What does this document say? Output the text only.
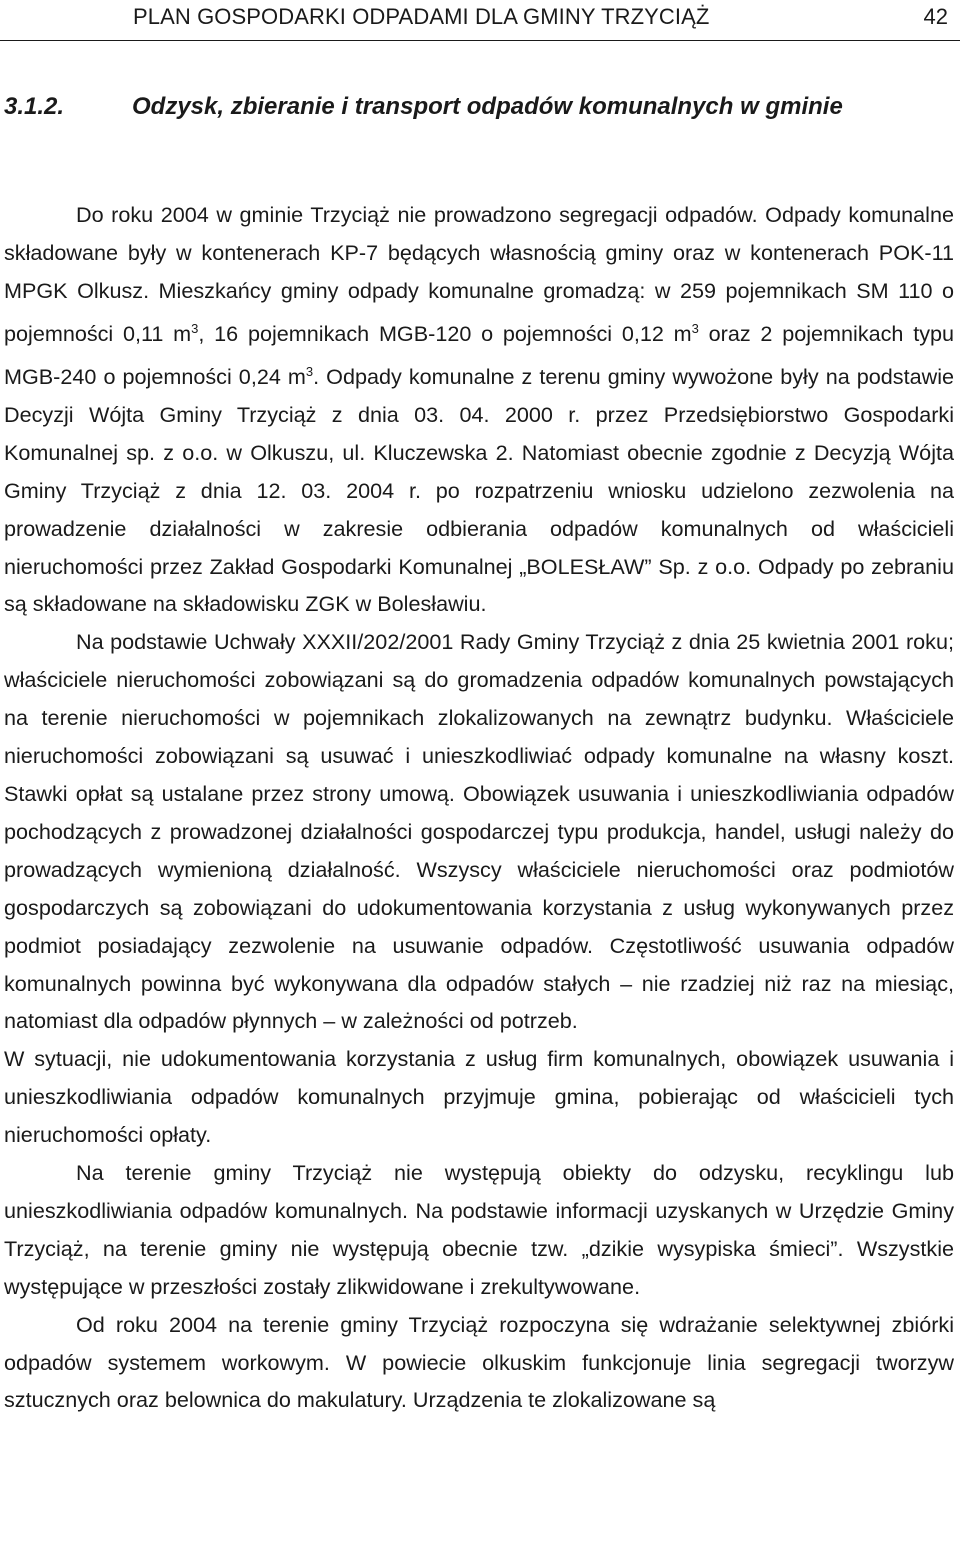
PLAN GOSPODARKI ODPADAMI DLA GMINY TRZYCIĄŻ	42
3.1.2.	Odzysk, zbieranie i transport odpadów komunalnych w gminie

Do roku 2004 w gminie Trzyciąż nie prowadzono segregacji odpadów. Odpady komunalne składowane były w kontenerach KP-7 będących własnością gminy oraz w kontenerach POK-11 MPGK Olkusz. Mieszkańcy gminy odpady komunalne gromadzą: w 259 pojemnikach SM 110 o pojemności 0,11 $m^3$, 16 pojemnikach MGB-120 o pojemności 0,12 $m^3$ oraz 2 pojemnikach typu MGB-240 o pojemności 0,24 $m^3$. Odpady komunalne z terenu gminy wywożone były na podstawie Decyzji Wójta Gminy Trzyciąż z dnia 03. 04. 2000 r. przez Przedsiębiorstwo Gospodarki Komunalnej sp. z o.o. w Olkuszu, ul. Kluczewska 2. Natomiast obecnie zgodnie z Decyzją Wójta Gminy Trzyciąż z dnia 12. 03. 2004 r. po rozpatrzeniu wniosku udzielono zezwolenia na prowadzenie działalności w zakresie odbierania odpadów komunalnych od właścicieli nieruchomości przez Zakład Gospodarki Komunalnej „BOLESŁAW” Sp. z o.o. Odpady po zebraniu są składowane na składowisku ZGK w Bolesławiu.

Na podstawie Uchwały XXXII/202/2001 Rady Gminy Trzyciąż z dnia 25 kwietnia 2001 roku; właściciele nieruchomości zobowiązani są do gromadzenia odpadów komunalnych powstających na terenie nieruchomości w pojemnikach zlokalizowanych na zewnątrz budynku. Właściciele nieruchomości zobowiązani są usuwać i unieszkodliwiać odpady komunalne na własny koszt. Stawki opłat są ustalane przez strony umową. Obowiązek usuwania i unieszkodliwiania odpadów pochodzących z prowadzonej działalności gospodarczej typu produkcja, handel, usługi należy do prowadzących wymienioną działalność. Wszyscy właściciele nieruchomości oraz podmiotów gospodarczych są zobowiązani do udokumentowania korzystania z usług wykonywanych przez podmiot posiadający zezwolenie na usuwanie odpadów. Częstotliwość usuwania odpadów komunalnych powinna być wykonywana dla odpadów stałych – nie rzadziej niż raz na miesiąc, natomiast dla odpadów płynnych – w zależności od potrzeb.

W sytuacji, nie udokumentowania korzystania z usług firm komunalnych, obowiązek usuwania i unieszkodliwiania odpadów komunalnych przyjmuje gmina, pobierając od właścicieli tych nieruchomości opłaty.

Na terenie gminy Trzyciąż nie występują obiekty do odzysku, recyklingu lub unieszkodliwiania odpadów komunalnych. Na podstawie informacji uzyskanych w Urzędzie Gminy Trzyciąż, na terenie gminy nie występują obecnie tzw. „dzikie wysypiska śmieci”. Wszystkie występujące w przeszłości zostały zlikwidowane i zrekultywowane.

Od roku 2004 na terenie gminy Trzyciąż rozpoczyna się wdrażanie selektywnej zbiórki odpadów systemem workowym. W powiecie olkuskim funkcjonuje linia segregacji tworzyw sztucznych oraz belownica do makulatury. Urządzenia te zlokalizowane są
